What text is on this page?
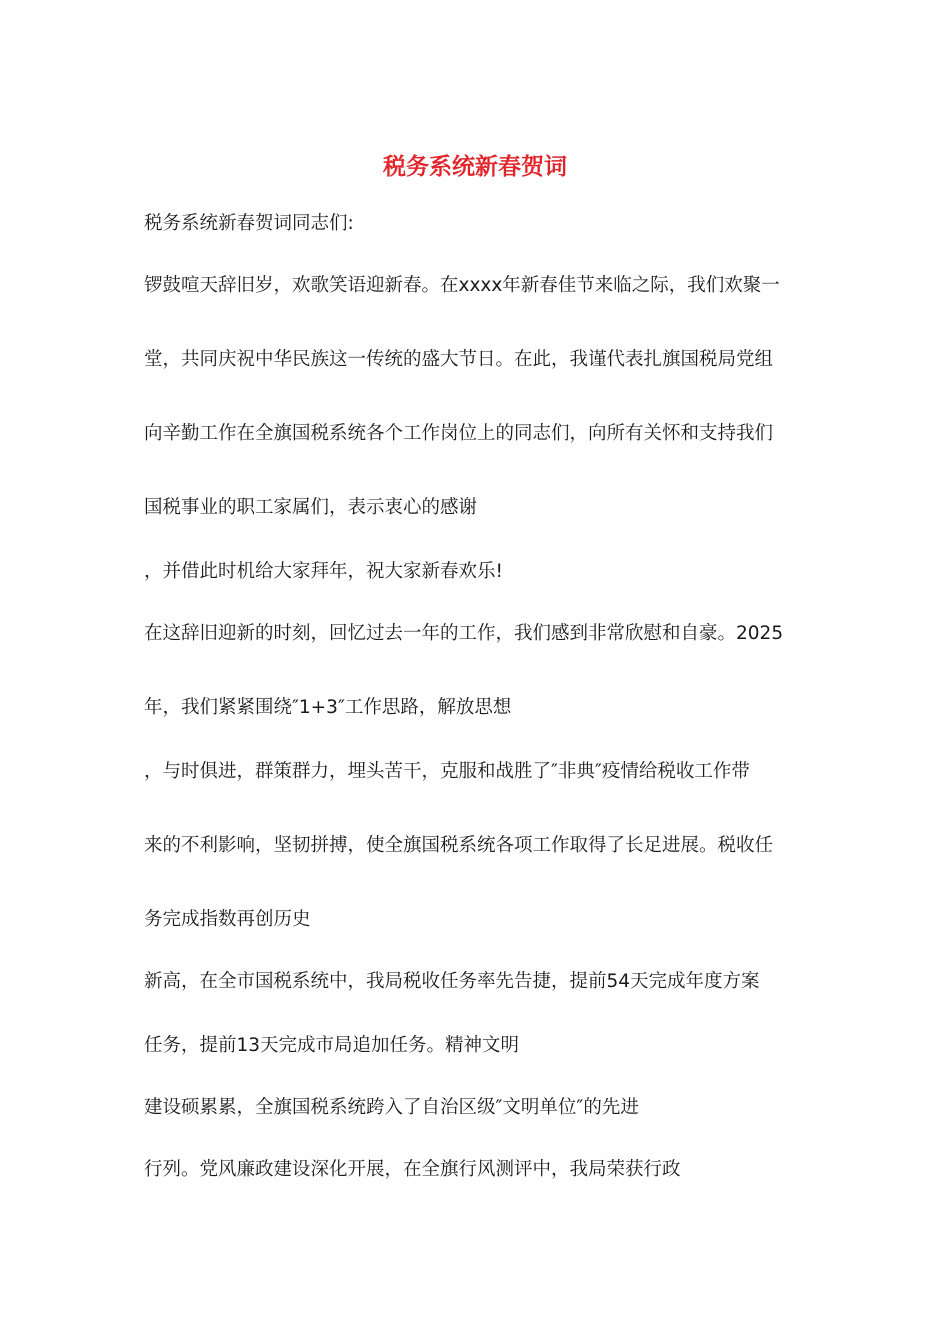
税务系统新春贺词

税务系统新春贺词同志们:

锣鼓喧天辞旧岁，欢歌笑语迎新春。在xxxx年新春佳节来临之际，我们欢聚一

堂，共同庆祝中华民族这一传统的盛大节日。在此，我谨代表扎旗国税局党组

向辛勤工作在全旗国税系统各个工作岗位上的同志们，向所有关怀和支持我们

国税事业的职工家属们，表示衷心的感谢

，并借此时机给大家拜年，祝大家新春欢乐!

在这辞旧迎新的时刻，回忆过去一年的工作，我们感到非常欣慰和自豪。2025

年，我们紧紧围绕″1+3″工作思路，解放思想

，与时俱进，群策群力，埋头苦干，克服和战胜了″非典″疫情给税收工作带

来的不利影响，坚韧拼搏，使全旗国税系统各项工作取得了长足进展。税收任

务完成指数再创历史

新高，在全市国税系统中，我局税收任务率先告捷，提前54天完成年度方案

任务，提前13天完成市局追加任务。精神文明

建设硕累累，全旗国税系统跨入了自治区级″文明单位″的先进

行列。党风廉政建设深化开展，在全旗行风测评中，我局荣获行政
